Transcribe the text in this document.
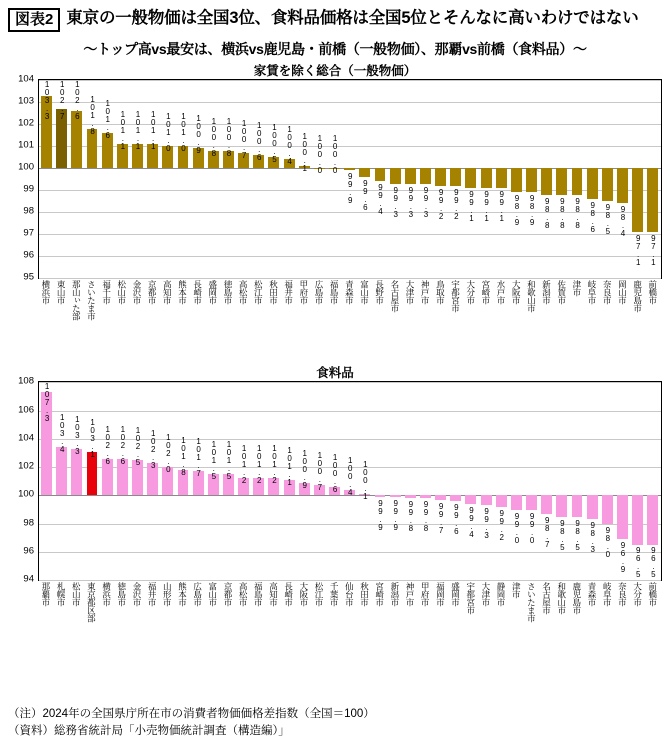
図表2 東京の一般物価は全国3位、食料品価格は全国5位とそんなに高いわけではない
〜トップ高vs最安は、横浜vs鹿児島・前橋（一般物価）、那覇vs前橋（食料品）〜
家賃を除く総合（一般物価）
103.3 102.7 102.6 101.8 101.6 101.1 101.1 101.1 101.0 101.0 100.9 100.8 100.8 100.7 100.6 100.5 100.4 100.1 100.0 100.0
99.9 99.6 99.4 99.3 99.3 99.3 99.2 99.2 99.1 99.1 99.1 98.9 98.9 98.8 98.8 98.8 98.6 98.5 98.4
97.1 97.1
95
96
97
98
99
100
101
102
103
104
横浜市 東山市 那山ぃた部 さいたま市 福千市 松山市 金沢市 京都市 高知市 熊本市 長崎市 盛岡市 徳島市 高松市 松江市 秋田市 福井市 甲府市 広島市 福島市 青森市 富山市 長野市 名古屋市 大津市 神戸市 鳥取市 宇都宮市 大分市 宮崎市 水戸市 大阪市 和歌山市 新潟市 佐賀市 津市 岐阜市 奈良市 岡山市 鹿児島市 前橋市
食料品
107.3
103.4 103.3 103.1 102.6 102.6 102.5 102.3 102.0 101.8 101.7 101.5 101.5 101.2 101.2 101.2 101.1 100.9 100.7 100.6 100.4 100.1
99.9 99.9 99.8 99.8 99.7 99.6 99.4 99.3 99.2 99.0 99.0 98.7 98.5 98.5 98.3 98.0 96.9 96.5 96.5
94
96
98
100
102
104
106
108
那覇市 札幌市 松山市 東京都区部 横浜市 徳島市 金沢市 福井市 山形市 熊本市 広島市 富山市 京都市 高松市 福島市 高知市 長崎市 大阪市 松江市 千葉市 仙台市 秋田市 宮崎市 新潟市 神戸市 甲府市 福岡市 盛岡市 宇都宮市 大津市 静岡市 津市 さいたま市 名古屋市 和歌山市 鹿児島市 青森市 岐阜市 奈良市 大分市 前橋市
（注）2024年の全国県庁所在市の消費者物価価格差指数（全国＝100）
（資料）総務省統計局「小売物価統計調査（構造編）」
